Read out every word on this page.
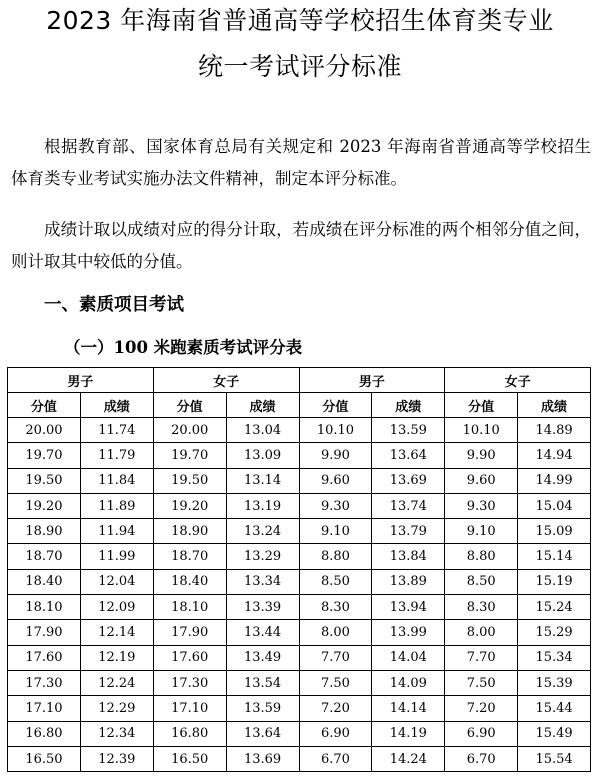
2023 年海南省普通高等学校招生体育类专业
统一考试评分标准

根据教育部、国家体育总局有关规定和 2023 年海南省普通高等学校招生体育类专业考试实施办法文件精神，制定本评分标准。

成绩计取以成绩对应的得分计取，若成绩在评分标准的两个相邻分值之间，则计取其中较低的分值。

一、素质项目考试
（一）100 米跑素质考试评分表
男子		女子		男子		女子	
分值	成绩	分值	成绩	分值	成绩	分值	成绩
20.00	11.74	20.00	13.04	10.10	13.59	10.10	14.89
19.70	11.79	19.70	13.09	9.90	13.64	9.90	14.94
19.50	11.84	19.50	13.14	9.60	13.69	9.60	14.99
19.20	11.89	19.20	13.19	9.30	13.74	9.30	15.04
18.90	11.94	18.90	13.24	9.10	13.79	9.10	15.09
18.70	11.99	18.70	13.29	8.80	13.84	8.80	15.14
18.40	12.04	18.40	13.34	8.50	13.89	8.50	15.19
18.10	12.09	18.10	13.39	8.30	13.94	8.30	15.24
17.90	12.14	17.90	13.44	8.00	13.99	8.00	15.29
17.60	12.19	17.60	13.49	7.70	14.04	7.70	15.34
17.30	12.24	17.30	13.54	7.50	14.09	7.50	15.39
17.10	12.29	17.10	13.59	7.20	14.14	7.20	15.44
16.80	12.34	16.80	13.64	6.90	14.19	6.90	15.49
16.50	12.39	16.50	13.69	6.70	14.24	6.70	15.54
